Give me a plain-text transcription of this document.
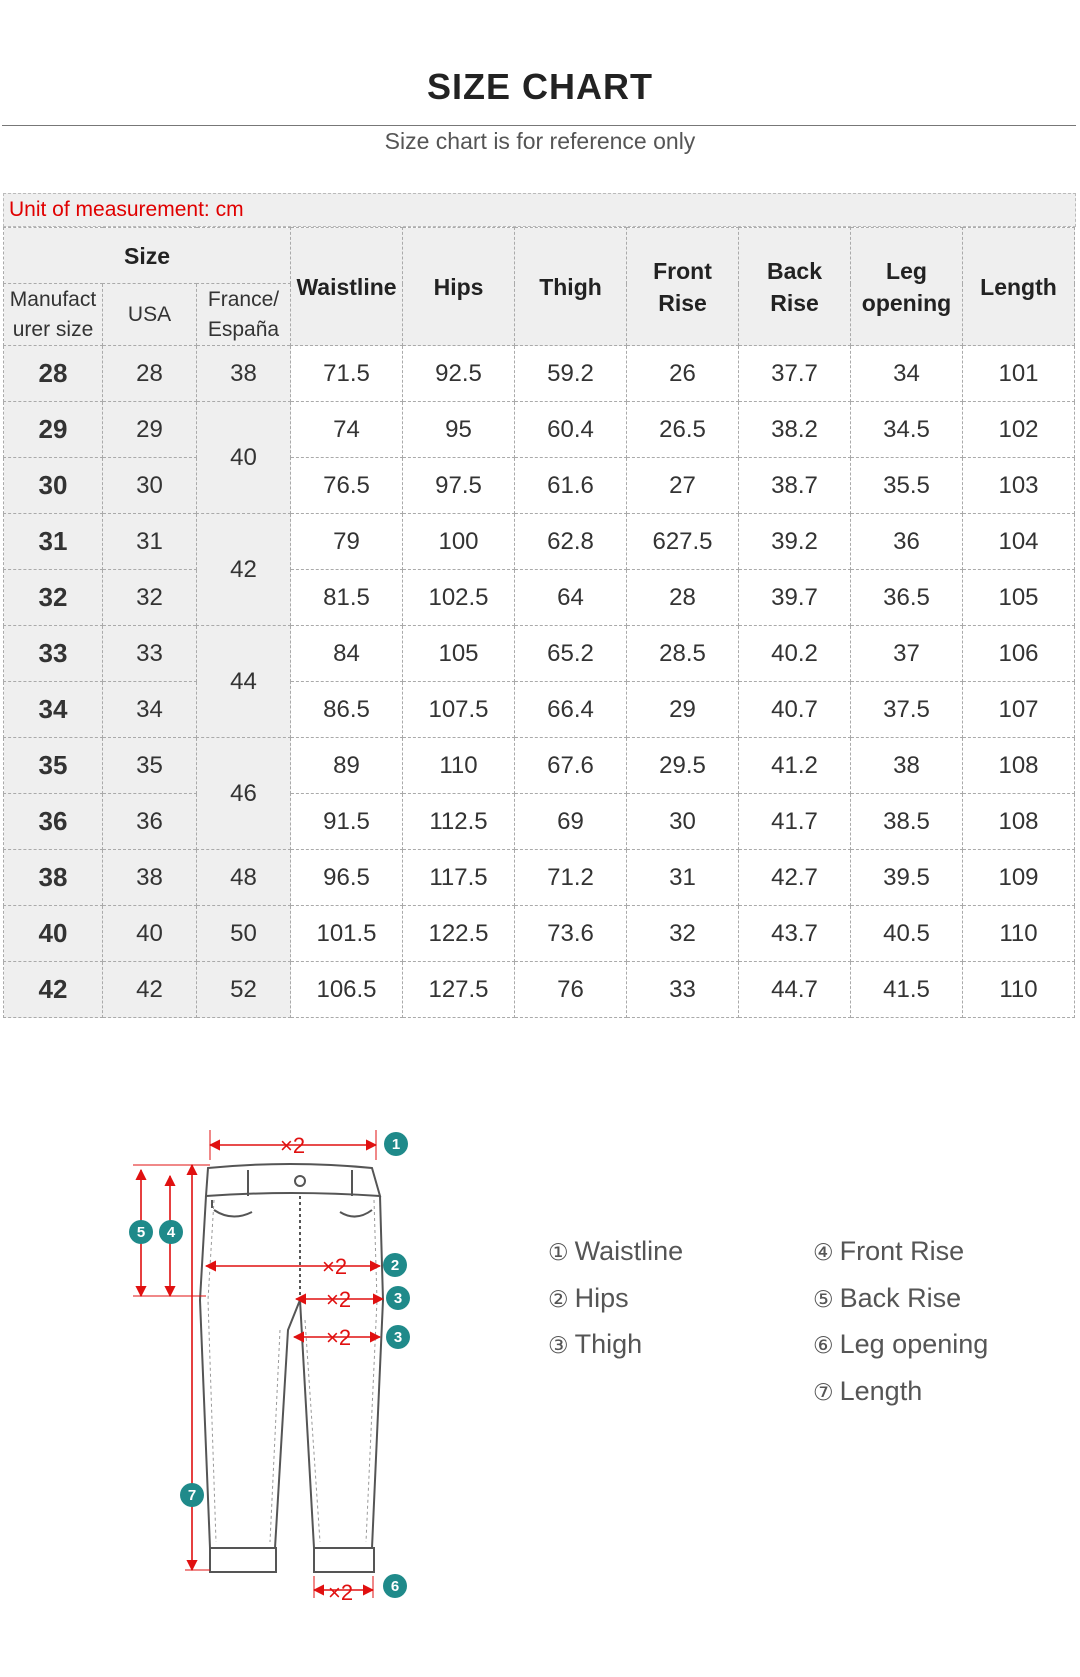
SIZE CHART
Size chart is for reference only
Unit of measurement: cm
Size			Waistline	Hips	Thigh	Front Rise	Back Rise	Leg opening	Length
Manufact urer size	USA	France/ España							
28	28	38	71.5	92.5	59.2	26	37.7	34	101
29	29	40	74	95	60.4	26.5	38.2	34.5	102
30	30		76.5	97.5	61.6	27	38.7	35.5	103
31	31	42	79	100	62.8	627.5	39.2	36	104
32	32		81.5	102.5	64	28	39.7	36.5	105
33	33	44	84	105	65.2	28.5	40.2	37	106
34	34		86.5	107.5	66.4	29	40.7	37.5	107
35	35	46	89	110	67.6	29.5	41.2	38	108
36	36		91.5	112.5	69	30	41.7	38.5	108
38	38	48	96.5	117.5	71.2	31	42.7	39.5	109
40	40	50	101.5	122.5	73.6	32	43.7	40.5	110
42	42	52	106.5	127.5	76	33	44.7	41.5	110
×2
×2
×2
×2
×2
1
2
3
3
4
5
6
7
① Waistline
② Hips
③ Thigh
④ Front Rise
⑤ Back Rise
⑥ Leg opening
⑦ Length
